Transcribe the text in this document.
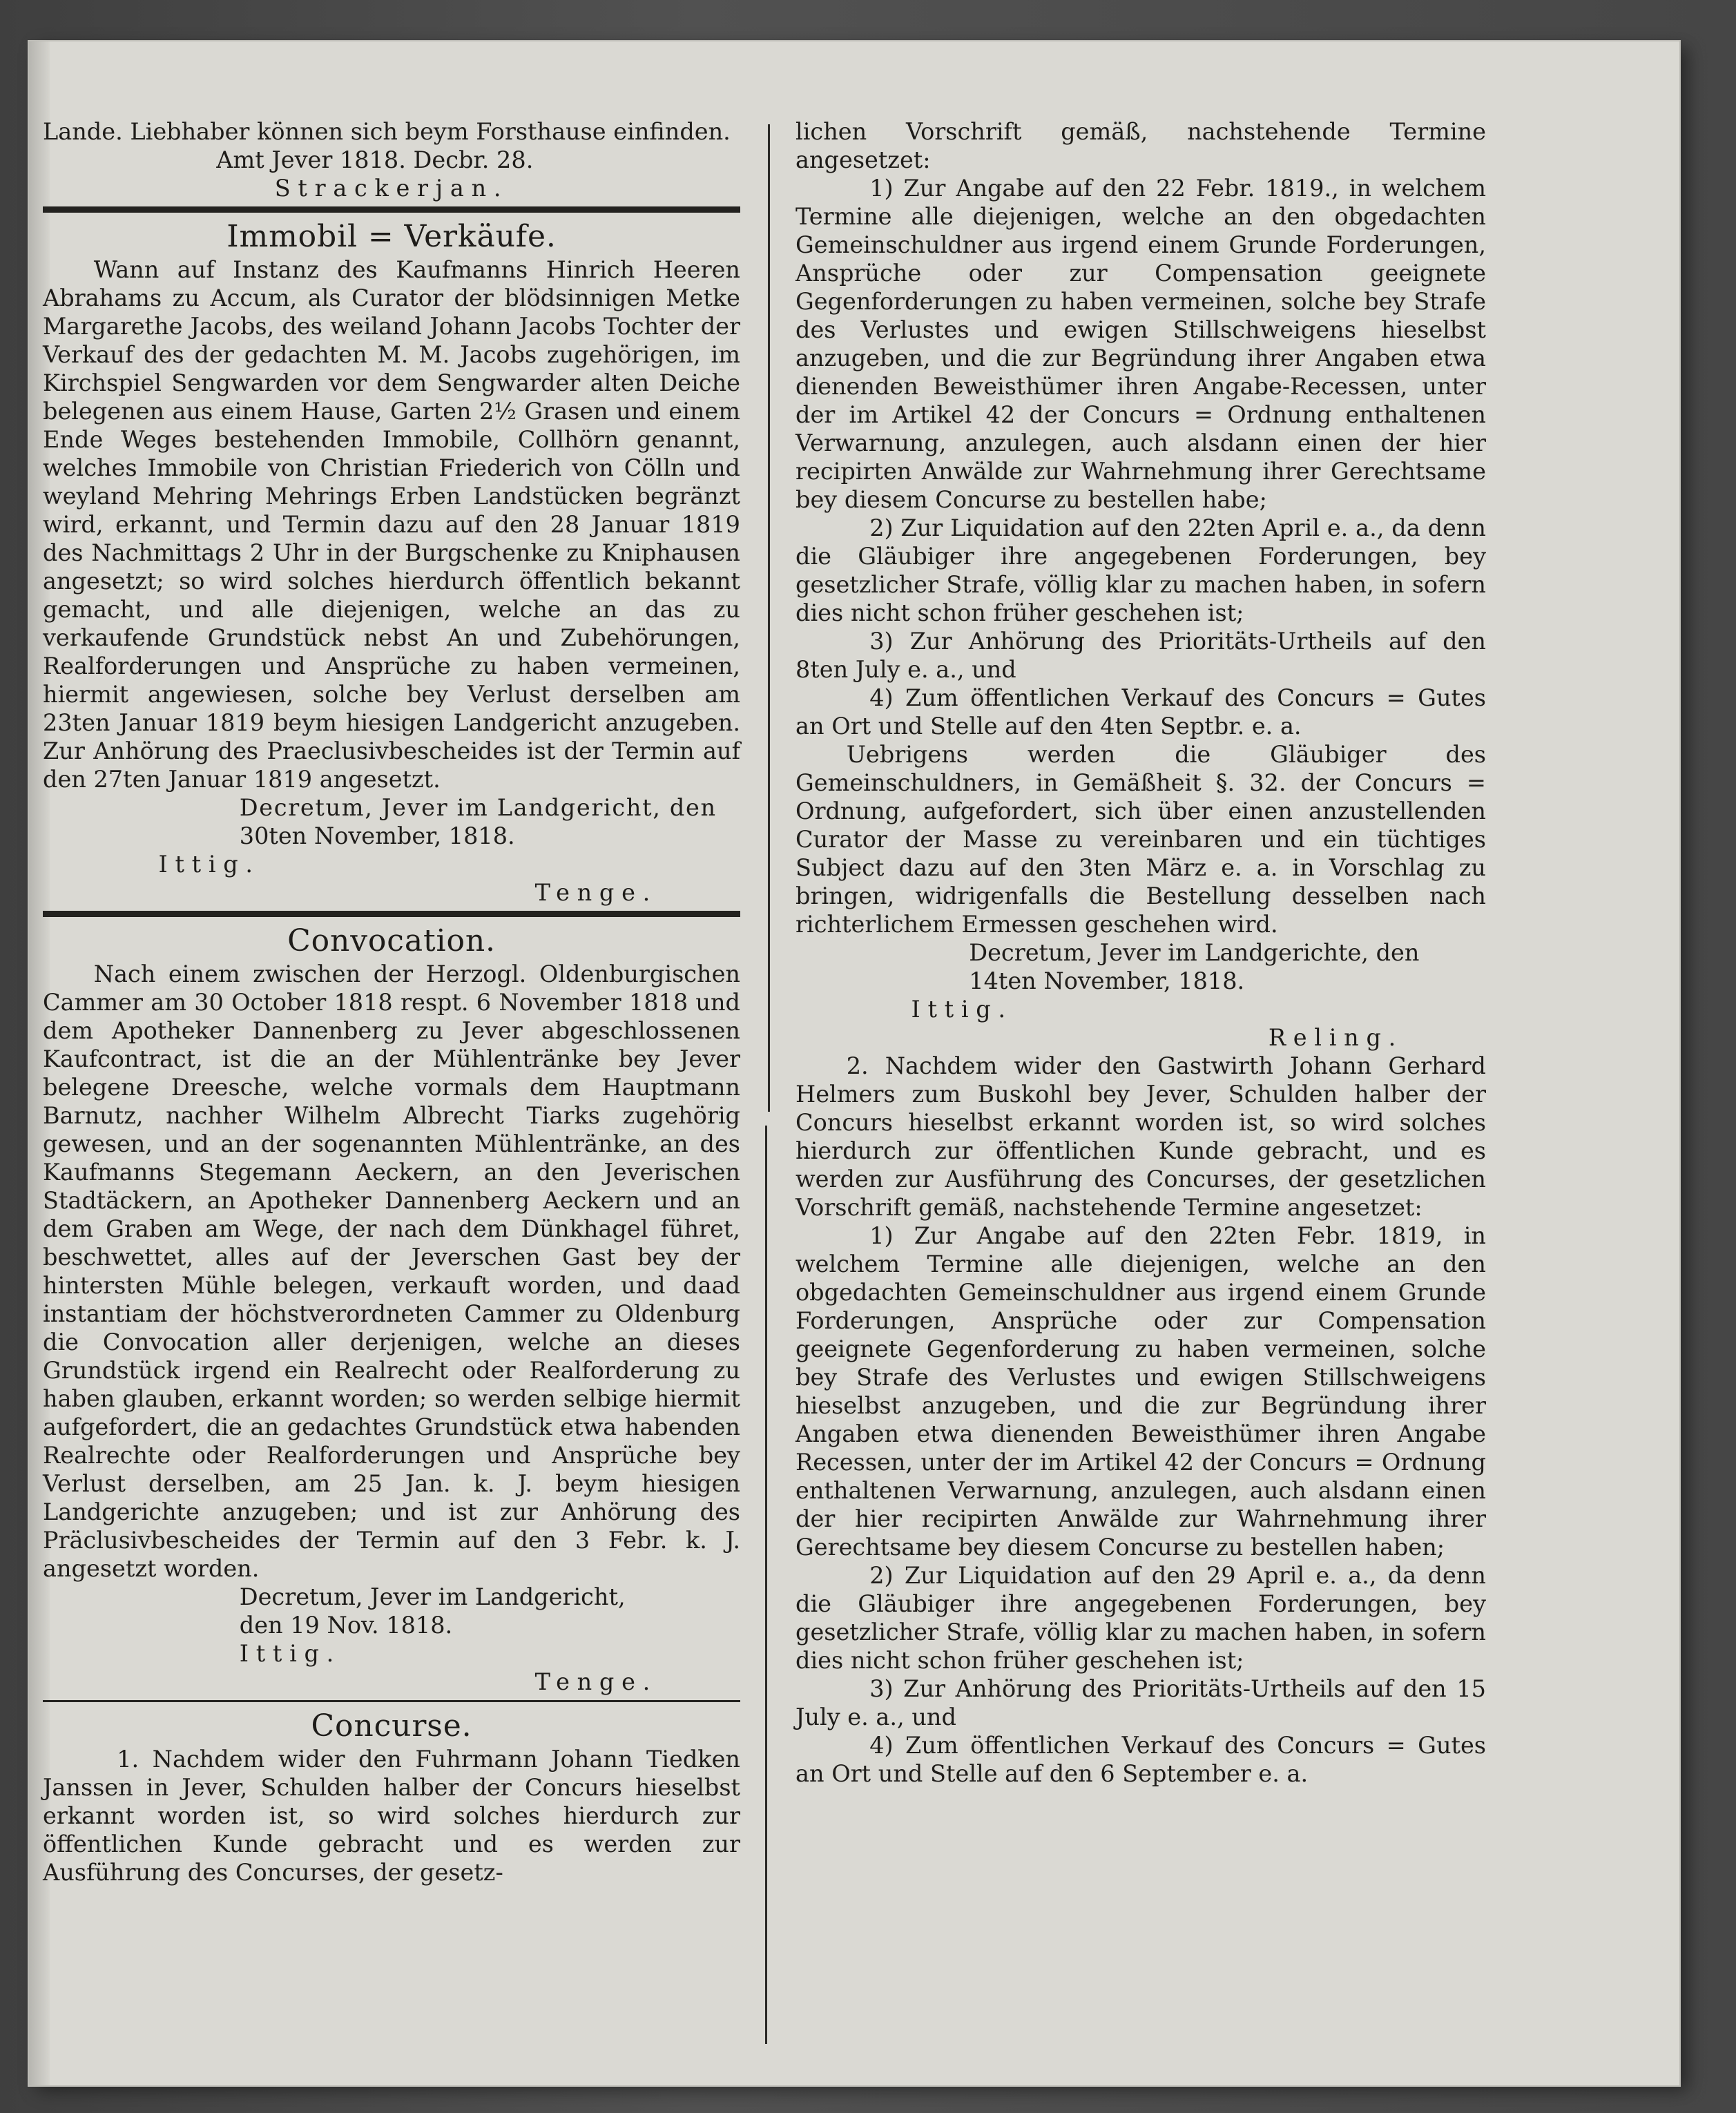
Lande. Liebhaber können sich beym Forsthause einfinden.

Amt Jever 1818. Decbr. 28.

Strackerjan.

Immobil = Verkäufe.

Wann auf Instanz des Kaufmanns Hinrich Heeren Abrahams zu Accum, als Curator der blödsinnigen Metke Margarethe Jacobs, des weiland Johann Jacobs Tochter der Verkauf des der gedachten M. M. Jacobs zugehörigen, im Kirchspiel Sengwarden vor dem Sengwarder alten Deiche belegenen aus einem Hause, Garten 2½ Grasen und einem Ende Weges bestehenden Immobile, Collhörn genannt, welches Immobile von Christian Friederich von Cölln und weyland Mehring Mehrings Erben Landstücken begränzt wird, erkannt, und Termin dazu auf den 28 Januar 1819 des Nachmittags 2 Uhr in der Burgschenke zu Kniphausen angesetzt; so wird solches hierdurch öffentlich bekannt gemacht, und alle diejenigen, welche an das zu verkaufende Grundstück nebst An und Zubehörungen, Realforderungen und Ansprüche zu haben vermeinen, hiermit angewiesen, solche bey Verlust derselben am 23ten Januar 1819 beym hiesigen Landgericht anzugeben. Zur Anhörung des Praeclusivbescheides ist der Termin auf den 27ten Januar 1819 angesetzt.

Decretum, Jever im Landgericht, den

30ten November, 1818.

Ittig.

Tenge.

Convocation.

Nach einem zwischen der Herzogl. Oldenburgischen Cammer am 30 October 1818 respt. 6 November 1818 und dem Apotheker Dannenberg zu Jever abgeschlossenen Kaufcontract, ist die an der Mühlentränke bey Jever belegene Dreesche, welche vormals dem Hauptmann Barnutz, nachher Wilhelm Albrecht Tiarks zugehörig gewesen, und an der sogenannten Mühlentränke, an des Kaufmanns Stegemann Aeckern, an den Jeverischen Stadtäckern, an Apotheker Dannenberg Aeckern und an dem Graben am Wege, der nach dem Dünkhagel führet, beschwettet, alles auf der Jeverschen Gast bey der hintersten Mühle belegen, verkauft worden, und daad instantiam der höchstverordneten Cammer zu Oldenburg die Convocation aller derjenigen, welche an dieses Grundstück irgend ein Realrecht oder Realforderung zu haben glauben, erkannt worden; so werden selbige hiermit aufgefordert, die an gedachtes Grundstück etwa habenden Realrechte oder Realforderungen und Ansprüche bey Verlust derselben, am 25 Jan. k. J. beym hiesigen Landgerichte anzugeben; und ist zur Anhörung des Präclusivbescheides der Termin auf den 3 Febr. k. J. angesetzt worden.

Decretum, Jever im Landgericht,

den 19 Nov. 1818.

Ittig.

Tenge.

Concurse.

1. Nachdem wider den Fuhrmann Johann Tiedken Janssen in Jever, Schulden halber der Concurs hieselbst erkannt worden ist, so wird solches hierdurch zur öffentlichen Kunde gebracht und es werden zur Ausführung des Concurses, der gesetz-

lichen Vorschrift gemäß, nachstehende Termine angesetzet:

1) Zur Angabe auf den 22 Febr. 1819., in welchem Termine alle diejenigen, welche an den obgedachten Gemeinschuldner aus irgend einem Grunde Forderungen, Ansprüche oder zur Compensation geeignete Gegenforderungen zu haben vermeinen, solche bey Strafe des Verlustes und ewigen Stillschweigens hieselbst anzugeben, und die zur Begründung ihrer Angaben etwa dienenden Beweisthümer ihren Angabe-Recessen, unter der im Artikel 42 der Concurs = Ordnung enthaltenen Verwarnung, anzulegen, auch alsdann einen der hier recipirten Anwälde zur Wahrnehmung ihrer Gerechtsame bey diesem Concurse zu bestellen habe;

2) Zur Liquidation auf den 22ten April e. a., da denn die Gläubiger ihre angegebenen Forderungen, bey gesetzlicher Strafe, völlig klar zu machen haben, in sofern dies nicht schon früher geschehen ist;

3) Zur Anhörung des Prioritäts-Urtheils auf den 8ten July e. a., und

4) Zum öffentlichen Verkauf des Concurs = Gutes an Ort und Stelle auf den 4ten Septbr. e. a.

Uebrigens werden die Gläubiger des Gemeinschuldners, in Gemäßheit §. 32. der Concurs = Ordnung, aufgefordert, sich über einen anzustellenden Curator der Masse zu vereinbaren und ein tüchtiges Subject dazu auf den 3ten März e. a. in Vorschlag zu bringen, widrigenfalls die Bestellung desselben nach richterlichem Ermessen geschehen wird.

Decretum, Jever im Landgerichte, den

14ten November, 1818.

Ittig.

Reling.

2. Nachdem wider den Gastwirth Johann Gerhard Helmers zum Buskohl bey Jever, Schulden halber der Concurs hieselbst erkannt worden ist, so wird solches hierdurch zur öffentlichen Kunde gebracht, und es werden zur Ausführung des Concurses, der gesetzlichen Vorschrift gemäß, nachstehende Termine angesetzet:

1) Zur Angabe auf den 22ten Febr. 1819, in welchem Termine alle diejenigen, welche an den obgedachten Gemeinschuldner aus irgend einem Grunde Forderungen, Ansprüche oder zur Compensation geeignete Gegenforderung zu haben vermeinen, solche bey Strafe des Verlustes und ewigen Stillschweigens hieselbst anzugeben, und die zur Begründung ihrer Angaben etwa dienenden Beweisthümer ihren Angabe Recessen, unter der im Artikel 42 der Concurs = Ordnung enthaltenen Verwarnung, anzulegen, auch alsdann einen der hier recipirten Anwälde zur Wahrnehmung ihrer Gerechtsame bey diesem Concurse zu bestellen haben;

2) Zur Liquidation auf den 29 April e. a., da denn die Gläubiger ihre angegebenen Forderungen, bey gesetzlicher Strafe, völlig klar zu machen haben, in sofern dies nicht schon früher geschehen ist;

3) Zur Anhörung des Prioritäts-Urtheils auf den 15 July e. a., und

4) Zum öffentlichen Verkauf des Concurs = Gutes an Ort und Stelle auf den 6 September e. a.
